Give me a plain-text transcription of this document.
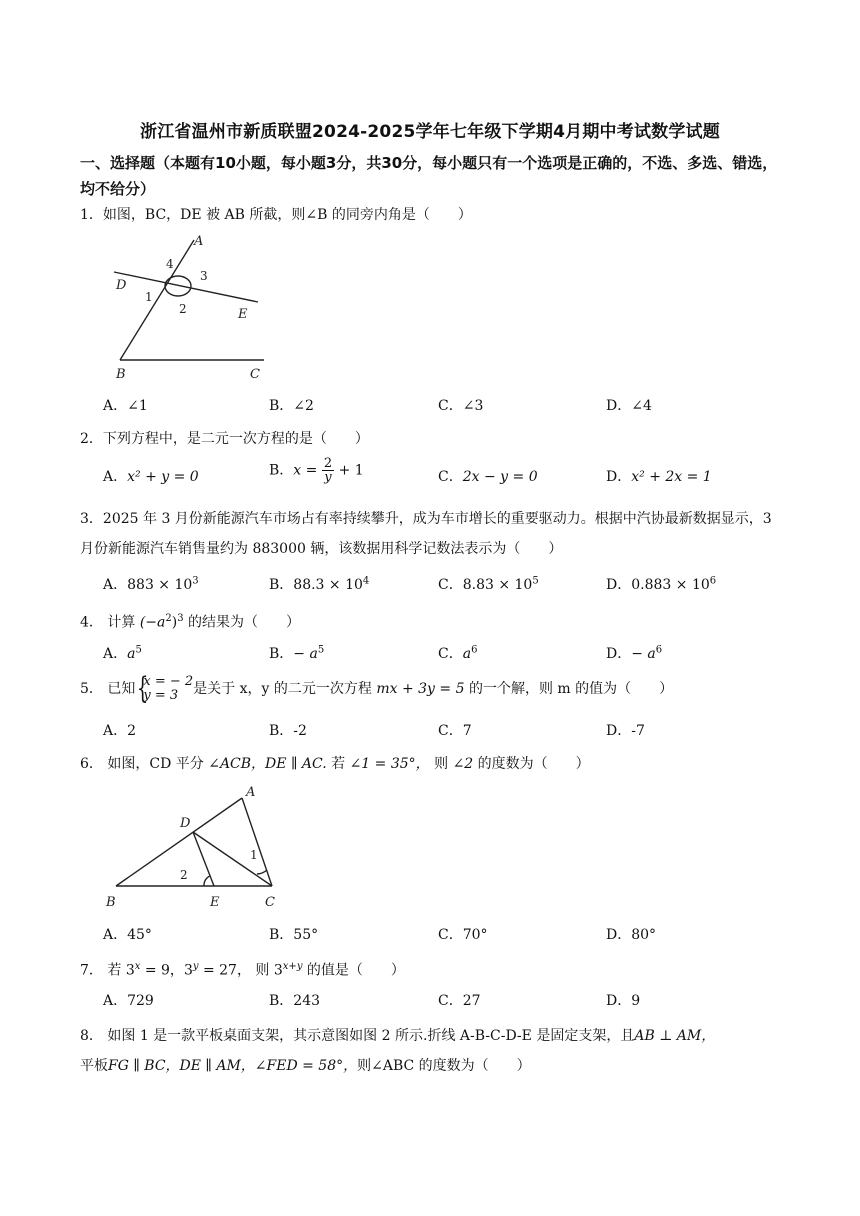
浙江省温州市新质联盟2024-2025学年七年级下学期4月期中考试数学试题
一、选择题（本题有10小题，每小题3分，共30分，每小题只有一个选项是正确的，不选、多选、错选，均不给分）
1．如图，BC，DE 被 AB 所截，则∠B 的同旁内角是（　　）
A
D
E
B	C
4
3
1
2
A．∠1	B．∠2	C．∠3	D．∠4
2．下列方程中，是二元一次方程的是（　　）
A．x² + y = 0	B．$x = \frac{2}{y} + 1$	C．2x − y = 0	D．x² + 2x = 1
3．2025 年 3 月份新能源汽车市场占有率持续攀升，成为车市增长的重要驱动力。根据中汽协最新数据显示，3 月份新能源汽车销售量约为 883000 辆，该数据用科学记数法表示为（　　）
A．$883 \times 10^3$	B．$88.3 \times 10^4$	C．$8.83 \times 10^5$	D．$0.883 \times 10^6$
4． 计算 $(-a^2)^3$ 的结果为（　　）
A．$a^5$	B．− $a^5$	C．$a^6$	D．− $a^6$
5． 已知
{ x = − 2
y = 3	是关于 x，y 的二元一次方程 mx + 3y = 5 的一个解，则 m 的值为（　　）
A．2	B．-2	C．7	D．-7
6． 如图，CD 平分 ∠ACB，DE ∥ AC. 若 ∠1 = 35°， 则 ∠2 的度数为（　　）
A
D
B	E	C
1
2
A．45°	B．55°	C．70°	D．80°
7． 若 $3^x = 9$，$3^y = 27$， 则 $3^{x+y}$ 的值是（　　）
A．729	B．243	C．27	D．9
8． 如图 1 是一款平板桌面支架，其示意图如图 2 所示.折线 A-B-C-D-E 是固定支架，且AB ⊥ AM，
平板FG ∥ BC，DE ∥ AM，∠FED = 58°，则∠ABC 的度数为（　　）
